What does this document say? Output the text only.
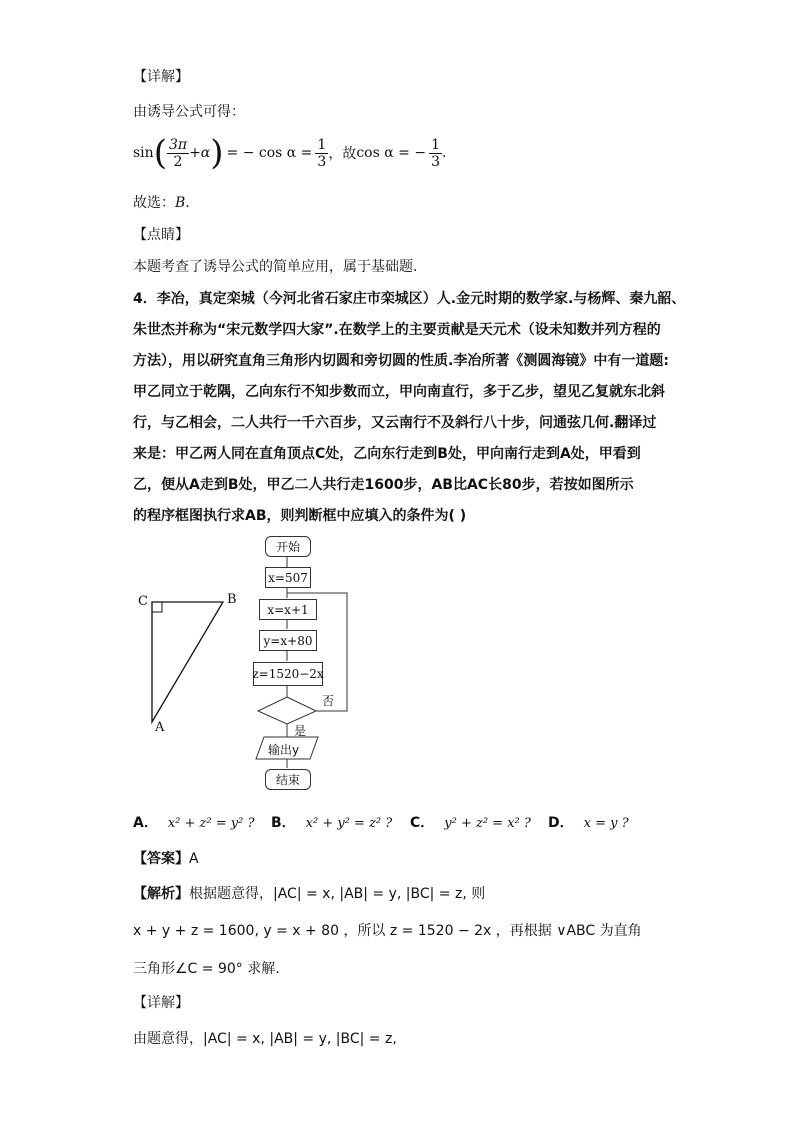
【详解】
由诱导公式可得：
sin ( $\frac{3\pi}{2} +\alpha$ ) = − $\cos \alpha = \frac{1}{3}$ ，故 cos α = − $\frac{1}{3}$ .
故选：B.
【点睛】
本题考查了诱导公式的简单应用，属于基础题.
4．李冶，真定栾城（今河北省石家庄市栾城区）人.金元时期的数学家.与杨辉、秦九韶、
朱世杰并称为“宋元数学四大家”.在数学上的主要贡献是天元术（设未知数并列方程的
方法），用以研究直角三角形内切圆和旁切圆的性质.李冶所著《测圆海镜》中有一道题:
甲乙同立于乾隅，乙向东行不知步数而立，甲向南直行，多于乙步，望见乙复就东北斜
行，与乙相会，二人共行一千六百步，又云南行不及斜行八十步，问通弦几何.翻译过
来是：甲乙两人同在直角顶点C处，乙向东行走到B处，甲向南行走到A处，甲看到
乙，便从A走到B处，甲乙二人共行走1600步，AB比AC长80步，若按如图所示
的程序框图执行求AB，则判断框中应填入的条件为( )
C	B
A
开始
x=507
x=x+1
y=x+80
z=1520−2x
否
是
输出y
结束
A． x² + z² = y² ? B． x² + y² = z² ? C． y² + z² = x² ? D． x = y ?
【答案】A
【解析】根据题意得，|AC| = x, |AB| = y, |BC| = z, 则
x + y + z = 1600, y = x + 80 ，所以 z = 1520 − 2x ，再根据 ∨ABC 为直角
三角形∠C = 90° 求解.
【详解】
由题意得，|AC| = x, |AB| = y, |BC| = z,
